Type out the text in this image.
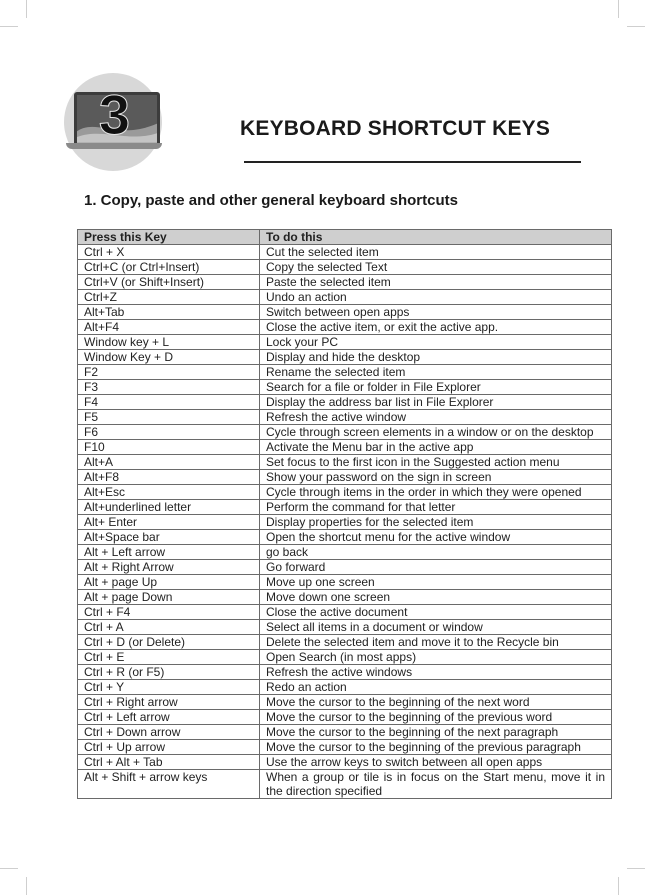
3	KEYBOARD SHORTCUT KEYS
1. Copy, paste and other general keyboard shortcuts
Press this Key	To do this
Ctrl + X	Cut the selected item
Ctrl+C (or Ctrl+Insert)	Copy the selected Text
Ctrl+V (or Shift+Insert)	Paste the selected item
Ctrl+Z	Undo an action
Alt+Tab	Switch between open apps
Alt+F4	Close the active item, or exit the active app.
Window key + L	Lock your PC
Window Key + D	Display and hide the desktop
F2	Rename the selected item
F3	Search for a file or folder in File Explorer
F4	Display the address bar list in File Explorer
F5	Refresh the active window
F6	Cycle through screen elements in a window or on the desktop
F10	Activate the Menu bar in the active app
Alt+A	Set focus to the first icon in the Suggested action menu
Alt+F8	Show your password on the sign in screen
Alt+Esc	Cycle through items in the order in which they were opened
Alt+underlined letter	Perform the command for that letter
Alt+ Enter	Display properties for the selected item
Alt+Space bar	Open the shortcut menu for the active window
Alt + Left arrow	go back
Alt + Right Arrow	Go forward
Alt + page Up	Move up one screen
Alt + page Down	Move down one screen
Ctrl + F4	Close the active document
Ctrl + A	Select all items in a document or window
Ctrl + D (or Delete)	Delete the selected item and move it to the Recycle bin
Ctrl + E	Open Search (in most apps)
Ctrl + R (or F5)	Refresh the active windows
Ctrl + Y	Redo an action
Ctrl + Right arrow	Move the cursor to the beginning of the next word
Ctrl + Left arrow	Move the cursor to the beginning of the previous word
Ctrl + Down arrow	Move the cursor to the beginning of the next paragraph
Ctrl + Up arrow	Move the cursor to the beginning of the previous paragraph
Ctrl + Alt + Tab	Use the arrow keys to switch between all open apps
Alt + Shift + arrow keys	When a group or tile is in focus on the Start menu, move it in the direction specified
